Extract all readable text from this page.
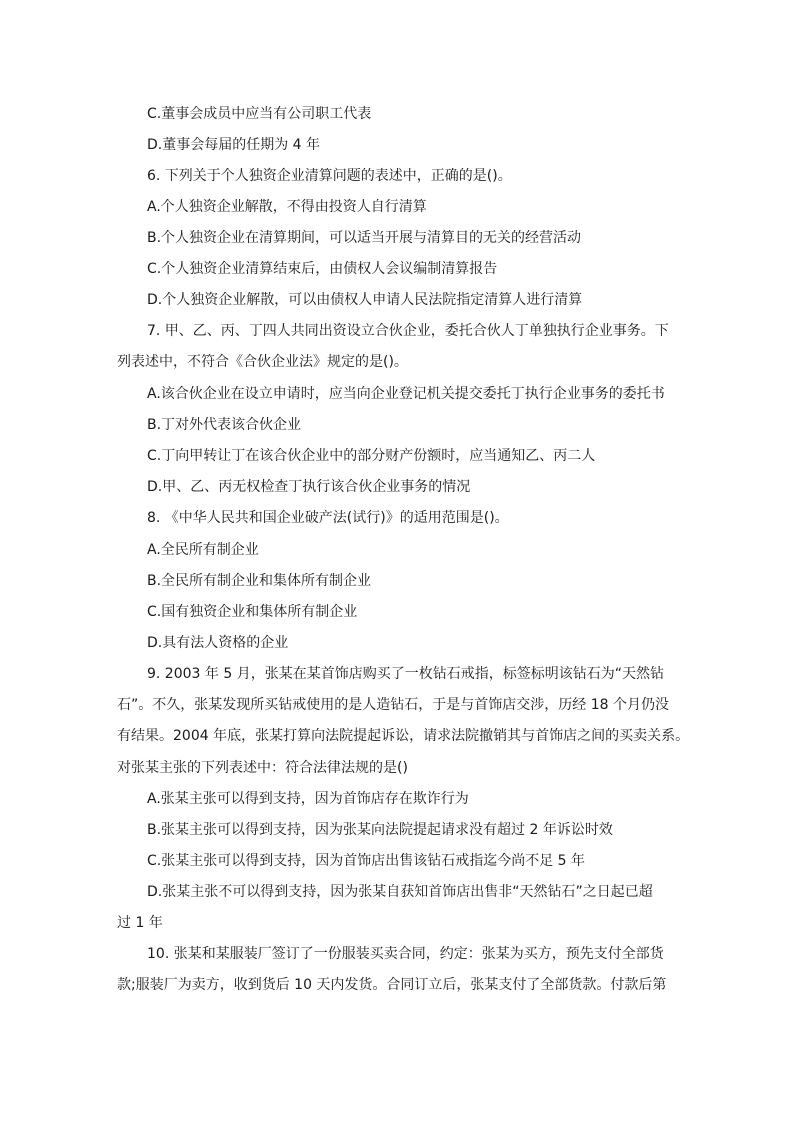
C.董事会成员中应当有公司职工代表
D.董事会每届的任期为 4 年
6. 下列关于个人独资企业清算问题的表述中，正确的是()。
A.个人独资企业解散，不得由投资人自行清算
B.个人独资企业在清算期间，可以适当开展与清算目的无关的经营活动
C.个人独资企业清算结束后，由债权人会议编制清算报告
D.个人独资企业解散，可以由债权人申请人民法院指定清算人进行清算
7. 甲、乙、丙、丁四人共同出资设立合伙企业，委托合伙人丁单独执行企业事务。下
列表述中，不符合《合伙企业法》规定的是()。
A.该合伙企业在设立申请时，应当向企业登记机关提交委托丁执行企业事务的委托书
B.丁对外代表该合伙企业
C.丁向甲转让丁在该合伙企业中的部分财产份额时，应当通知乙、丙二人
D.甲、乙、丙无权检查丁执行该合伙企业事务的情况
8. 《中华人民共和国企业破产法(试行)》的适用范围是()。
A.全民所有制企业
B.全民所有制企业和集体所有制企业
C.国有独资企业和集体所有制企业
D.具有法人资格的企业
9. 2003 年 5 月，张某在某首饰店购买了一枚钻石戒指，标签标明该钻石为“天然钻
石”。不久，张某发现所买钻戒使用的是人造钻石，于是与首饰店交涉，历经 18 个月仍没
有结果。2004 年底，张某打算向法院提起诉讼，请求法院撤销其与首饰店之间的买卖关系。
对张某主张的下列表述中：符合法律法规的是()
A.张某主张可以得到支持，因为首饰店存在欺诈行为
B.张某主张可以得到支持，因为张某向法院提起请求没有超过 2 年诉讼时效
C.张某主张可以得到支持，因为首饰店出售该钻石戒指迄今尚不足 5 年
D.张某主张不可以得到支持，因为张某自获知首饰店出售非“天然钻石”之日起已超
过 1 年
10. 张某和某服装厂签订了一份服装买卖合同，约定：张某为买方，预先支付全部货
款;服装厂为卖方，收到货后 10 天内发货。合同订立后，张某支付了全部货款。付款后第
